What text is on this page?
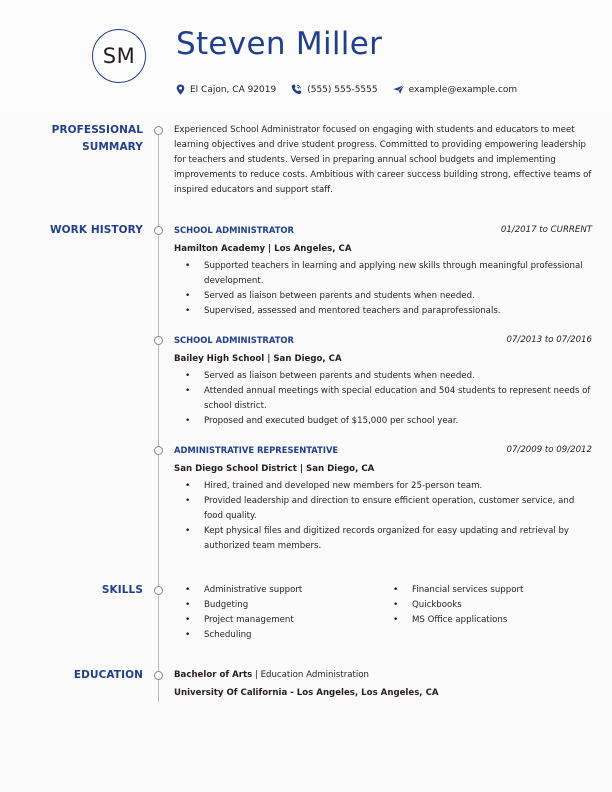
SM Steven Miller
El Cajon, CA 92019	(555) 555-5555	example@example.com
PROFESSIONAL
SUMMARY
Experienced School Administrator focused on engaging with students and educators to meet
learning objectives and drive student progress. Committed to providing empowering leadership
for teachers and students. Versed in preparing annual school budgets and implementing
improvements to reduce costs. Ambitious with career success building strong, effective teams of
inspired educators and support staff.
WORK HISTORY	SCHOOL ADMINISTRATOR	01/2017 to CURRENT
Hamilton Academy | Los Angeles, CA
• Supported teachers in learning and applying new skills through meaningful professional
development.
• Served as liaison between parents and students when needed.
• Supervised, assessed and mentored teachers and paraprofessionals.
SCHOOL ADMINISTRATOR	07/2013 to 07/2016
Bailey High School | San Diego, CA
• Served as liaison between parents and students when needed.
• Attended annual meetings with special education and 504 students to represent needs of
school district.
• Proposed and executed budget of $15,000 per school year.
ADMINISTRATIVE REPRESENTATIVE	07/2009 to 09/2012
San Diego School District | San Diego, CA
• Hired, trained and developed new members for 25-person team.
• Provided leadership and direction to ensure efficient operation, customer service, and
food quality.
• Kept physical files and digitized records organized for easy updating and retrieval by
authorized team members.
SKILLS
•	Administrative support
• Budgeting
• Project management
• Scheduling
• Financial services support
• Quickbooks
• MS Office applications
EDUCATION	Bachelor of Arts | Education Administration
University Of California - Los Angeles, Los Angeles, CA
